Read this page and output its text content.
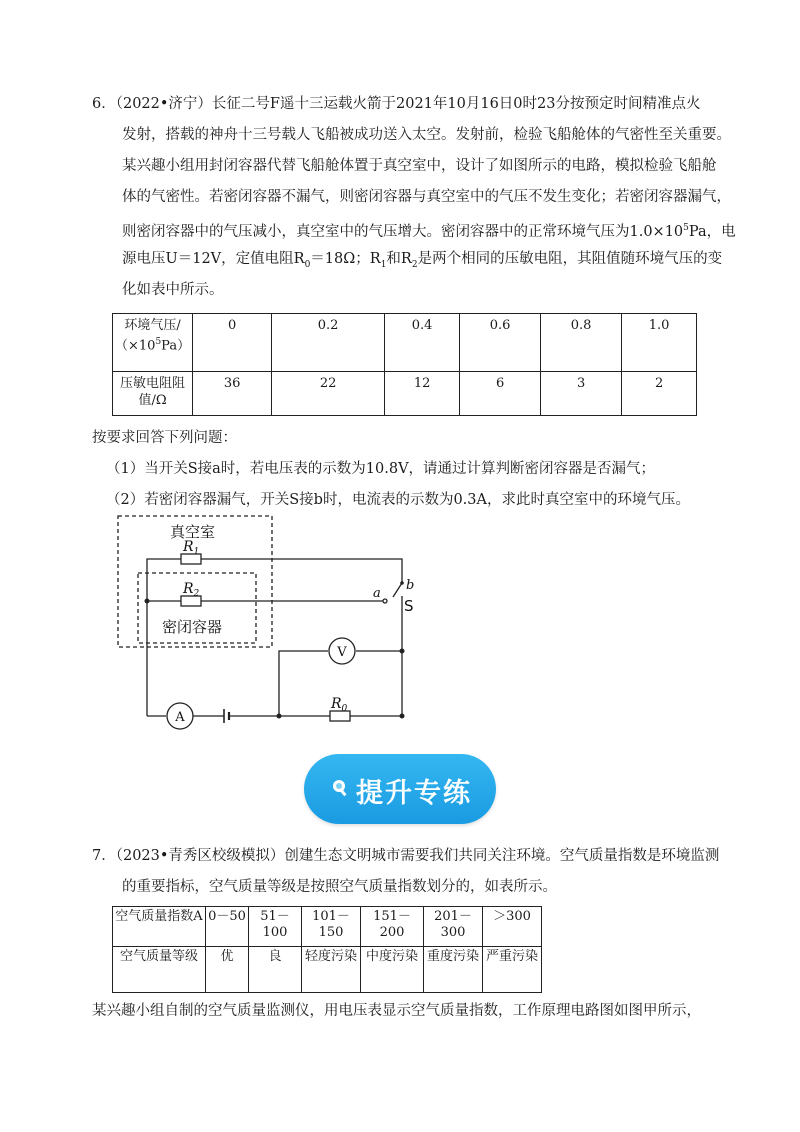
6．（2022•济宁）长征二号F遥十三运载火箭于2021年10月16日0时23分按预定时间精准点火
发射，搭载的神舟十三号载人飞船被成功送入太空。发射前，检验飞船舱体的气密性至关重要。
某兴趣小组用封闭容器代替飞船舱体置于真空室中，设计了如图所示的电路，模拟检验飞船舱
体的气密性。若密闭容器不漏气，则密闭容器与真空室中的气压不发生变化；若密闭容器漏气，
则密闭容器中的气压减小，真空室中的气压增大。密闭容器中的正常环境气压为$1.0\times 10^5Pa$，电
源电压U＝12V，定值电阻$R_0=18\Omega$；$R_1$和$R_2$是两个相同的压敏电阻，其阻值随环境气压的变
化如表中所示。
环境气压$/(\times 10^5Pa)$	0	0.2	0.4	0.6	0.8	1.0
压敏电阻阻值/Ω	36	22	12	6	3	2
按要求回答下列问题：
（1）当开关S接a时，若电压表的示数为10.8V，请通过计算判断密闭容器是否漏气；
（2）若密闭容器漏气，开关S接b时，电流表的示数为0.3A，求此时真空室中的环境气压。
真空室
密闭容器
$R_1$
$R_2$
$R_0$
V
A
S
a
b
提升专练
7．（2023•青秀区校级模拟）创建生态文明城市需要我们共同关注环境。空气质量指数是环境监测
的重要指标，空气质量等级是按照空气质量指数划分的，如表所示。
空气质量指数A	0－50	51－100	101－150	151－200	201－300	＞300
空气质量等级	优	良	轻度污染	中度污染	重度污染	严重污染
某兴趣小组自制的空气质量监测仪，用电压表显示空气质量指数，工作原理电路图如图甲所示，
